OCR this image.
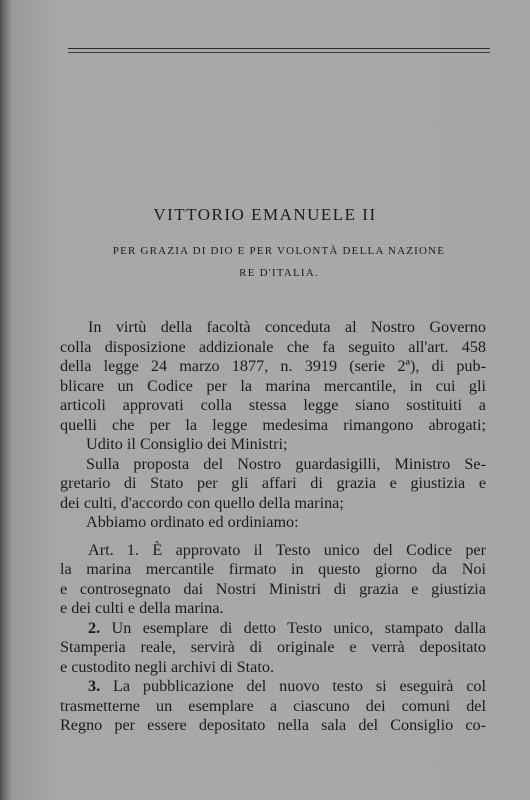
VITTORIO EMANUELE II
PER GRAZIA DI DIO E PER VOLONTÀ DELLA NAZIONE
RE D'ITALIA.
In virtù della facoltà conceduta al Nostro Governo
colla disposizione addizionale che fa seguito all'art. 458
della legge 24 marzo 1877, n. 3919 (serie 2ª), di pub-
blicare un Codice per la marina mercantile, in cui gli
articoli approvati colla stessa legge siano sostituiti a
quelli che per la legge medesima rimangono abrogati;
Udito il Consiglio dei Ministri;
Sulla proposta del Nostro guardasigilli, Ministro Se-
gretario di Stato per gli affari di grazia e giustizia e
dei culti, d'accordo con quello della marina;
Abbiamo ordinato ed ordiniamo:
Art. 1. È approvato il Testo unico del Codice per
la marina mercantile firmato in questo giorno da Noi
e controsegnato dai Nostri Ministri di grazia e giustizia
e dei culti e della marina.
2. Un esemplare di detto Testo unico, stampato dalla
Stamperia reale, servirà di originale e verrà depositato
e custodito negli archivi di Stato.
3. La pubblicazione del nuovo testo si eseguirà col
trasmetterne un esemplare a ciascuno dei comuni del
Regno per essere depositato nella sala del Consiglio co-
